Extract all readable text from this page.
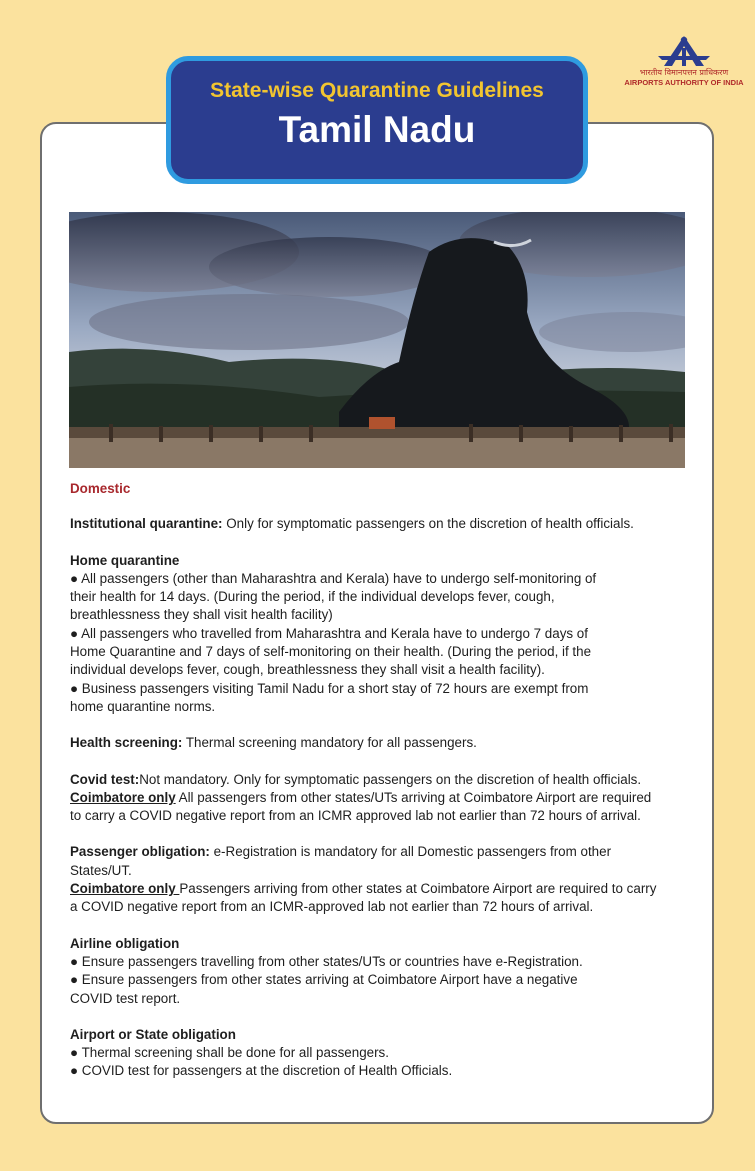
भारतीय विमानपत्तन प्राधिकरण
AIRPORTS AUTHORITY OF INDIA
State-wise Quarantine Guidelines
Tamil Nadu
Domestic
Institutional quarantine: Only for symptomatic passengers on the discretion of health officials.
Home quarantine
● All passengers (other than Maharashtra and Kerala) have to undergo self-monitoring of
their health for 14 days. (During the period, if the individual develops fever, cough,
breathlessness they shall visit health facility)
● All passengers who travelled from Maharashtra and Kerala have to undergo 7 days of
Home Quarantine and 7 days of self-monitoring on their health. (During the period, if the
individual develops fever, cough, breathlessness they shall visit a health facility).
● Business passengers visiting Tamil Nadu for a short stay of 72 hours are exempt from
home quarantine norms.
Health screening: Thermal screening mandatory for all passengers.
Covid test:Not mandatory. Only for symptomatic passengers on the discretion of health officials.
Coimbatore only All passengers from other states/UTs arriving at Coimbatore Airport are required
to carry a COVID negative report from an ICMR approved lab not earlier than 72 hours of arrival.
Passenger obligation: e-Registration is mandatory for all Domestic passengers from other
States/UT.
Coimbatore only Passengers arriving from other states at Coimbatore Airport are required to carry
a COVID negative report from an ICMR-approved lab not earlier than 72 hours of arrival.
Airline obligation
● Ensure passengers travelling from other states/UTs or countries have e-Registration.
● Ensure passengers from other states arriving at Coimbatore Airport have a negative
COVID test report.
Airport or State obligation
● Thermal screening shall be done for all passengers.
● COVID test for passengers at the discretion of Health Officials.
